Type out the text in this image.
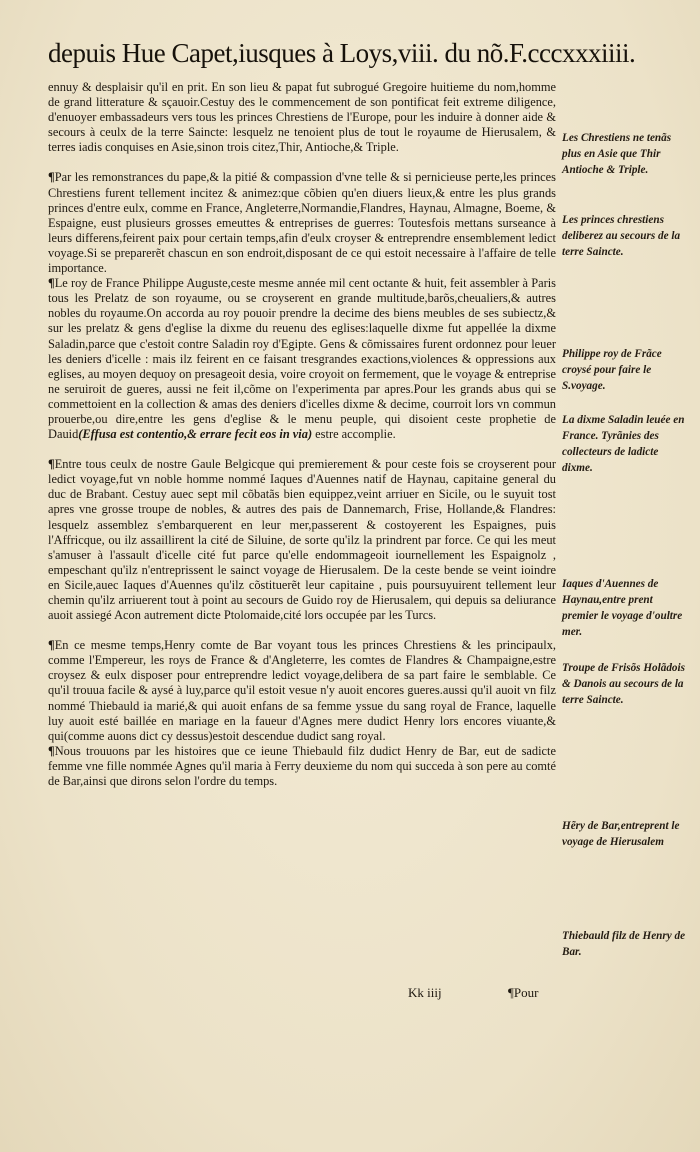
depuis Hue Capet,iusques à Loys,viii. du nõ.F.cccxxxiiii.

ennuy & desplaisir qu'il en prit. En son lieu & papat fut subrogué Gregoire huitieme du nom,homme de grand litterature & sçauoir.Cestuy des le commencement de son pontificat feit extreme diligence, d'enuoyer embassadeurs vers tous les princes Chrestiens de l'Europe, pour les induire à donner aide & secours à ceulx de la terre Saincte: lesquelz ne tenoient plus de tout le royaume de Hierusalem, & terres iadis conquises en Asie,sinon trois citez,Thir, Antioche,& Triple.

¶Par les remonstrances du pape,& la pitié & compassion d'vne telle & si pernicieuse perte,les princes Chrestiens furent tellement incitez & animez:que cõbien qu'en diuers lieux,& entre les plus grands princes d'entre eulx, comme en France, Angleterre,Normandie,Flandres, Haynau, Almagne, Boeme, & Espaigne, eust plusieurs grosses emeuttes & entreprises de guerres: Toutesfois mettans surseance à leurs differens,feirent paix pour certain temps,afin d'eulx croyser & entreprendre ensemblement ledict voyage.Si se preparerẽt chascun en son endroit,disposant de ce qui estoit necessaire à l'affaire de telle importance.

¶Le roy de France Philippe Auguste,ceste mesme année mil cent octante & huit, feit assembler à Paris tous les Prelatz de son royaume, ou se croyserent en grande multitude,barõs,cheualiers,& autres nobles du royaume.On accorda au roy pouoir prendre la decime des biens meubles de ses subiectz,& sur les prelatz & gens d'eglise la dixme du reuenu des eglises:laquelle dixme fut appellée la dixme Saladin,parce que c'estoit contre Saladin roy d'Egipte. Gens & cõmissaires furent ordonnez pour leuer les deniers d'icelle : mais ilz feirent en ce faisant tresgrandes exactions,violences & oppressions aux eglises, au moyen dequoy on presageoit desia, voire croyoit on fermement, que le voyage & entreprise ne seruiroit de gueres, aussi ne feit il,cõme on l'experimenta par apres.Pour les grands abus qui se commettoient en la collection & amas des deniers d'icelles dixme & decime, courroit lors vn commun prouerbe,ou dire,entre les gens d'eglise & le menu peuple, qui disoient ceste prophetie de Dauid(Effusa est contentio,& errare fecit eos in via) estre accomplie.

¶Entre tous ceulx de nostre Gaule Belgicque qui premierement & pour ceste fois se croyserent pour ledict voyage,fut vn noble homme nommé Iaques d'Auennes natif de Haynau, capitaine general du duc de Brabant. Cestuy auec sept mil cõbatãs bien equippez,veint arriuer en Sicile, ou le suyuit tost apres vne grosse troupe de nobles, & autres des pais de Dannemarch, Frise, Hollande,& Flandres: lesquelz assemblez s'embarquerent en leur mer,passerent & costoyerent les Espaignes, puis l'Affricque, ou ilz assaillirent la cité de Siluine, de sorte qu'ilz la prindrent par force. Ce qui les meut s'amuser à l'assault d'icelle cité fut parce qu'elle endommageoit iournellement les Espaignolz , empeschant qu'ilz n'entreprissent le sainct voyage de Hierusalem. De la ceste bende se veint ioindre en Sicile,auec Iaques d'Auennes qu'ilz cõstituerẽt leur capitaine , puis poursuyuirent tellement leur chemin qu'ilz arriuerent tout à point au secours de Guido roy de Hierusalem, qui depuis sa deliurance auoit assiegé Acon autrement dicte Ptolomaide,cité lors occupée par les Turcs.

¶En ce mesme temps,Henry comte de Bar voyant tous les princes Chrestiens & les principaulx, comme l'Empereur, les roys de France & d'Angleterre, les comtes de Flandres & Champaigne,estre croysez & eulx disposer pour entreprendre ledict voyage,delibera de sa part faire le semblable. Ce qu'il trouua facile & aysé à luy,parce qu'il estoit vesue n'y auoit encores gueres.aussi qu'il auoit vn filz nommé Thiebauld ia marié,& qui auoit enfans de sa femme yssue du sang royal de France, laquelle luy auoit esté baillée en mariage en la faueur d'Agnes mere dudict Henry lors encores viuante,& qui(comme auons dict cy dessus)estoit descendue dudict sang royal.

¶Nous trouuons par les histoires que ce ieune Thiebauld filz dudict Henry de Bar, eut de sadicte femme vne fille nommée Agnes qu'il maria à Ferry deuxieme du nom qui succeda à son pere au comté de Bar,ainsi que dirons selon l'ordre du temps.

Les Chrestiens ne tenãs plus en Asie que Thir Antioche & Triple.
Les princes chrestiens deliberez au secours de la terre Saincte.
Philippe roy de Frãce croysé pour faire le S.voyage.
La dixme Saladin leuée en France. Tyrãnies des collecteurs de ladicte dixme.
Iaques d'Auennes de Haynau,entre prent premier le voyage d'oultre mer.
Troupe de Frisõs Holãdois & Danois au secours de la terre Saincte.
Hẽry de Bar,entreprent le voyage de Hierusalem
Thiebauld filz de Henry de Bar.
Kk iiij	¶Pour
